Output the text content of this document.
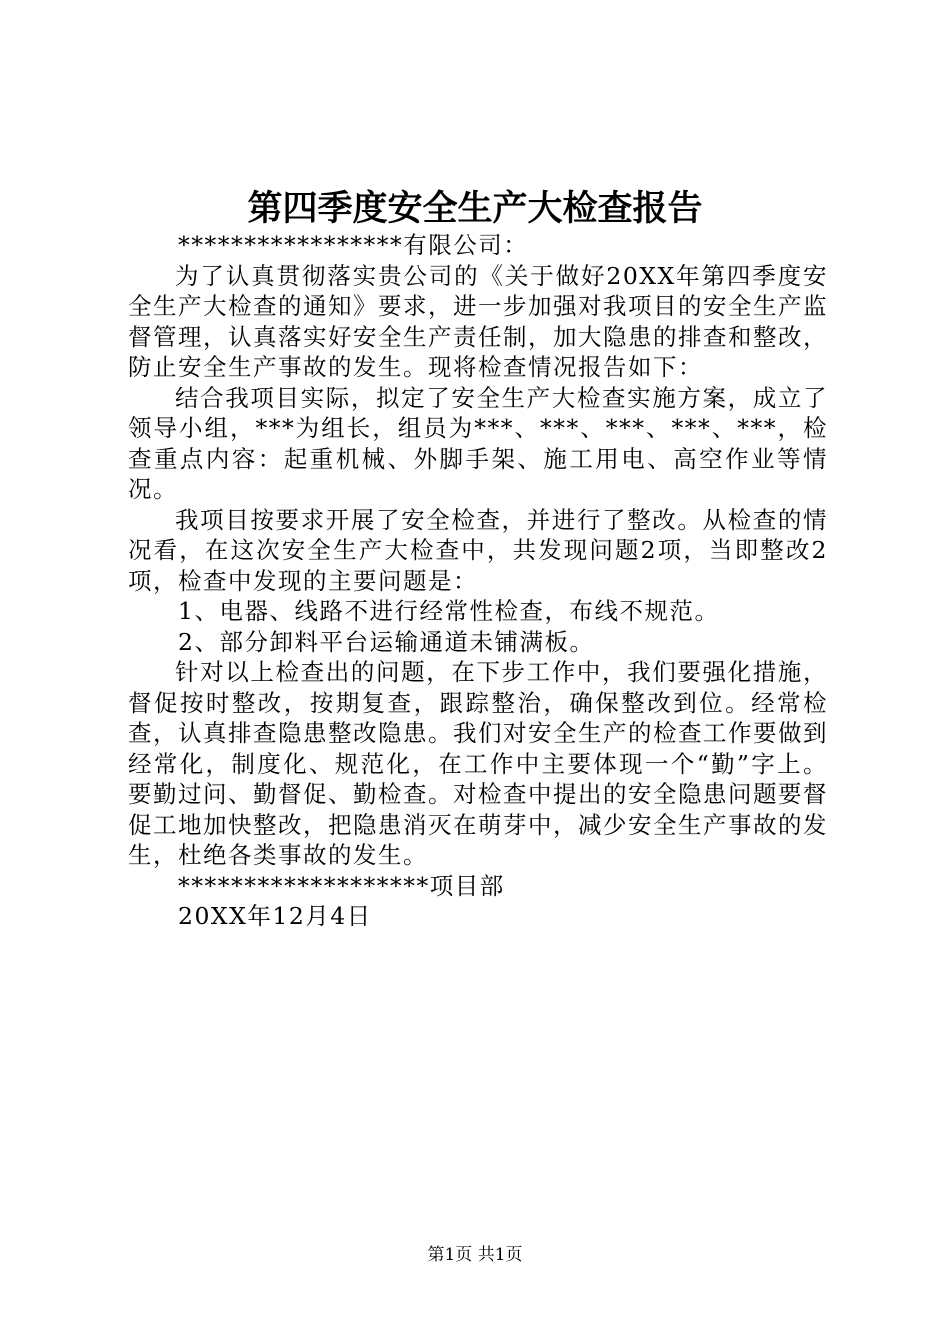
第四季度安全生产大检查报告
*****************有限公司：

为了认真贯彻落实贵公司的《关于做好20XX年第四季度安全生产大检查的通知》要求，进一步加强对我项目的安全生产监督管理，认真落实好安全生产责任制，加大隐患的排查和整改，防止安全生产事故的发生。现将检查情况报告如下：

结合我项目实际，拟定了安全生产大检查实施方案，成立了领导小组，***为组长，组员为***、***、***、***、***，检查重点内容：起重机械、外脚手架、施工用电、高空作业等情况。

我项目按要求开展了安全检查，并进行了整改。从检查的情况看，在这次安全生产大检查中，共发现问题2项，当即整改2项，检查中发现的主要问题是：

1、电器、线路不进行经常性检查，布线不规范。
2、部分卸料平台运输通道未铺满板。

针对以上检查出的问题，在下步工作中，我们要强化措施，督促按时整改，按期复查，跟踪整治，确保整改到位。经常检查，认真排查隐患整改隐患。我们对安全生产的检查工作要做到经常化，制度化、规范化，在工作中主要体现一个“勤”字上。要勤过问、勤督促、勤检查。对检查中提出的安全隐患问题要督促工地加快整改，把隐患消灭在萌芽中，减少安全生产事故的发生，杜绝各类事故的发生。

*******************项目部
20XX年12月4日
第1页 共1页
